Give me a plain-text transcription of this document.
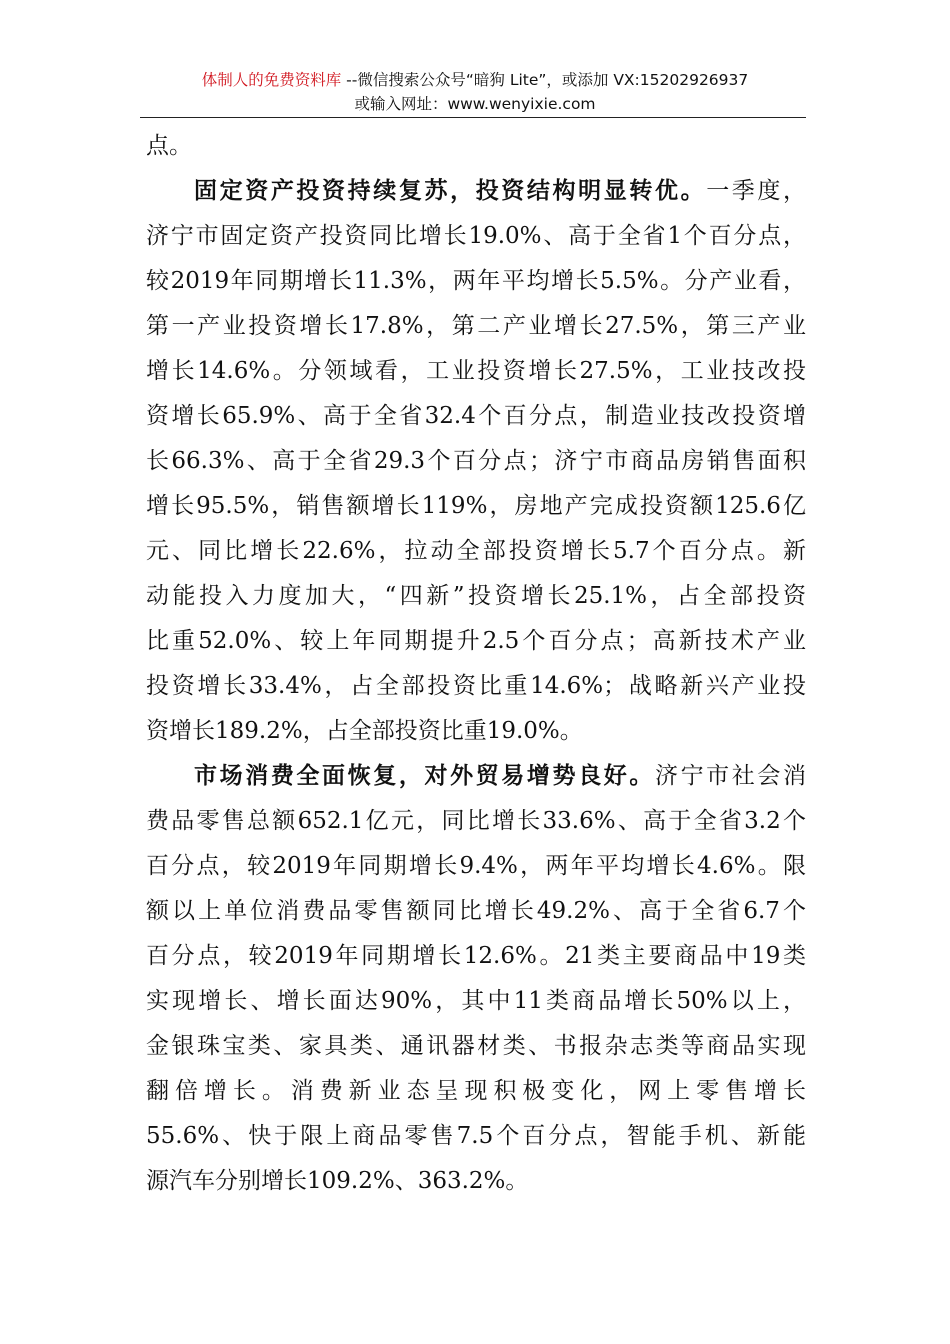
体制人的免费资料库 --微信搜索公众号“暗狗 Lite”，或添加 VX:15202926937
或输入网址：www.wenyixie.com
点。
固定资产投资持续复苏，投资结构明显转优。一季度，
济宁市固定资产投资同比增长19.0%、高于全省1个百分点，
较2019年同期增长11.3%，两年平均增长5.5%。分产业看，
第一产业投资增长17.8%，第二产业增长27.5%，第三产业
增长14.6%。分领域看，工业投资增长27.5%，工业技改投
资增长65.9%、高于全省32.4个百分点，制造业技改投资增
长66.3%、高于全省29.3个百分点；济宁市商品房销售面积
增长95.5%，销售额增长119%，房地产完成投资额125.6亿
元、同比增长22.6%，拉动全部投资增长5.7个百分点。新
动能投入力度加大，“四新”投资增长25.1%，占全部投资
比重52.0%、较上年同期提升2.5个百分点；高新技术产业
投资增长33.4%，占全部投资比重14.6%；战略新兴产业投
资增长189.2%，占全部投资比重19.0%。
市场消费全面恢复，对外贸易增势良好。济宁市社会消
费品零售总额652.1亿元，同比增长33.6%、高于全省3.2个
百分点，较2019年同期增长9.4%，两年平均增长4.6%。限
额以上单位消费品零售额同比增长49.2%、高于全省6.7个
百分点，较2019年同期增长12.6%。21类主要商品中19类
实现增长、增长面达90%，其中11类商品增长50%以上，
金银珠宝类、家具类、通讯器材类、书报杂志类等商品实现
翻倍增长。消费新业态呈现积极变化，网上零售增长
55.6%、快于限上商品零售7.5个百分点，智能手机、新能
源汽车分别增长109.2%、363.2%。
